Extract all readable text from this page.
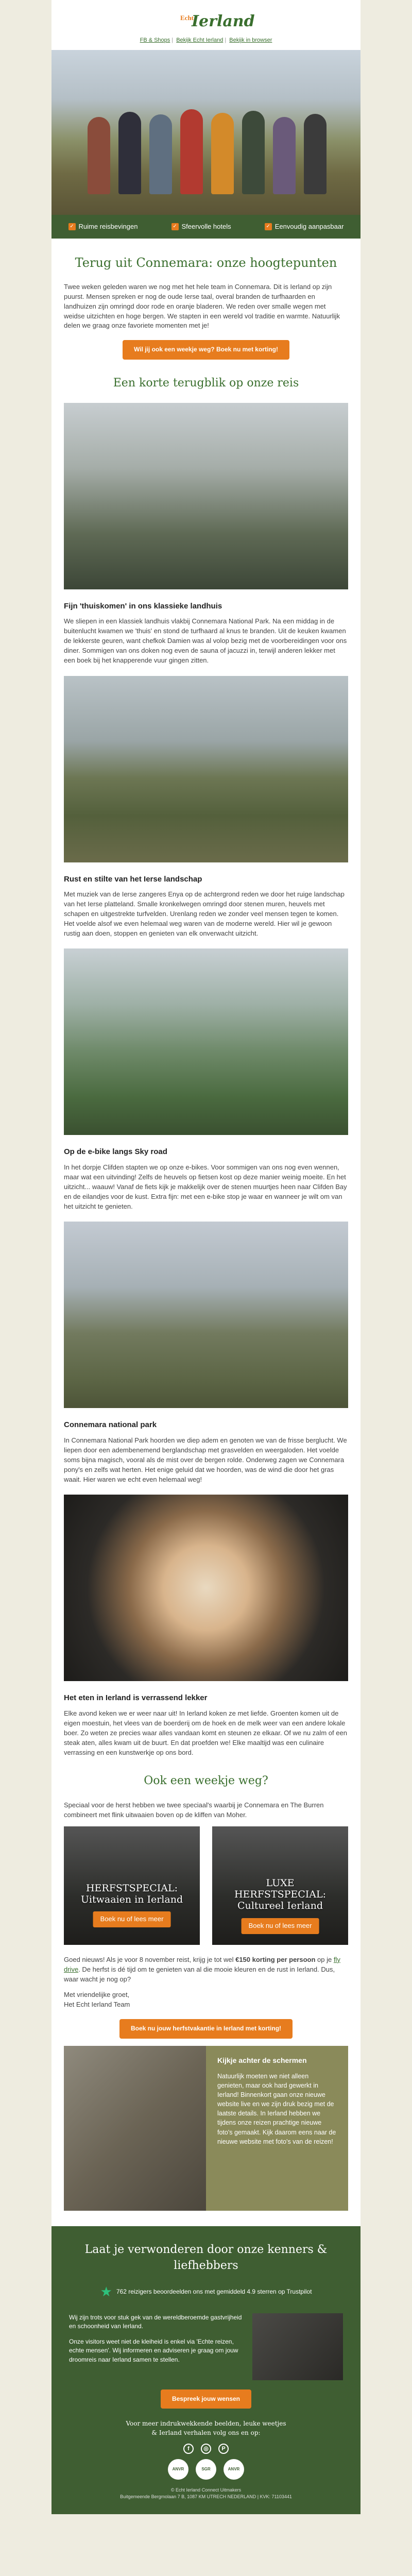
Echt
Ierland
FB & Shops | Bekijk Echt Ierland | Bekijk in browser
✓ Ruime reisbevingen	✓ Sfeervolle hotels	✓ Eenvoudig aanpasbaar
Terug uit Connemara: onze hoogtepunten

Twee weken geleden waren we nog met het hele team in Connemara. Dit is Ierland op zijn puurst. Mensen spreken er nog de oude Ierse taal, overal branden de turfhaarden en landhuizen zijn omringd door rode en oranje bladeren. We reden over smalle wegen met weidse uitzichten en hoge bergen. We stapten in een wereld vol traditie en warmte. Natuurlijk delen we graag onze favoriete momenten met je!

Wil jij ook een weekje weg? Boek nu met korting!
Een korte terugblik op onze reis
Fijn 'thuiskomen' in ons klassieke landhuis

We sliepen in een klassiek landhuis vlakbij Connemara National Park. Na een middag in de buitenlucht kwamen we 'thuis' en stond de turfhaard al knus te branden. Uit de keuken kwamen de lekkerste geuren, want chefkok Damien was al volop bezig met de voorbereidingen voor ons diner. Sommigen van ons doken nog even de sauna of jacuzzi in, terwijl anderen lekker met een boek bij het knapperende vuur gingen zitten.

Rust en stilte van het Ierse landschap

Met muziek van de Ierse zangeres Enya op de achtergrond reden we door het ruige landschap van het Ierse platteland. Smalle kronkelwegen omringd door stenen muren, heuvels met schapen en uitgestrekte turfvelden. Urenlang reden we zonder veel mensen tegen te komen. Het voelde alsof we even helemaal weg waren van de moderne wereld. Hier wil je gewoon rustig aan doen, stoppen en genieten van elk onverwacht uitzicht.

Op de e-bike langs Sky road

In het dorpje Clifden stapten we op onze e-bikes. Voor sommigen van ons nog even wennen, maar wat een uitvinding! Zelfs de heuvels op fietsen kost op deze manier weinig moeite. En het uitzicht... waauw! Vanaf de fiets kijk je makkelijk over de stenen muurtjes heen naar Clifden Bay en de eilandjes voor de kust. Extra fijn: met een e-bike stop je waar en wanneer je wilt om van het uitzicht te genieten.

Connemara national park

In Connemara National Park hoorden we diep adem en genoten we van de frisse berglucht. We liepen door een adembenemend berglandschap met grasvelden en weergaloden. Het voelde soms bijna magisch, vooral als de mist over de bergen rolde. Onderweg zagen we Connemara pony's en zelfs wat herten. Het enige geluid dat we hoorden, was de wind die door het gras waait. Hier waren we echt even helemaal weg!

Het eten in Ierland is verrassend lekker

Elke avond keken we er weer naar uit! In Ierland koken ze met liefde. Groenten komen uit de eigen moestuin, het vlees van de boerderij om de hoek en de melk weer van een andere lokale boer. Zo weten ze precies waar alles vandaan komt en steunen ze elkaar. Of we nu zalm of een steak aten, alles kwam uit de buurt. En dat proefden we! Elke maaltijd was een culinaire verrassing en een kunstwerkje op ons bord.

Ook een weekje weg?

Speciaal voor de herst hebben we twee speciaal's waarbij je Connemara en The Burren combineert met flink uitwaaien boven op de kliffen van Moher.

HERFSTSPECIAL:
Uitwaaien in Ierland
Boek nu of lees meer
LUXE
HERFSTSPECIAL:
Cultureel Ierland
Boek nu of lees meer

Goed nieuws! Als je voor 8 november reist, krijg je tot wel €150 korting per persoon op je fly drive. De herfst is dé tijd om te genieten van al die mooie kleuren en de rust in Ierland. Dus, waar wacht je nog op?

Met vriendelijke groet,
Het Echt Ierland Team

Boek nu jouw herfstvakantie in Ierland met korting!
Kijkje achter de schermen

Natuurlijk moeten we niet alleen genieten, maar ook hard gewerkt in Ierland! Binnenkort gaan onze nieuwe website live en we zijn druk bezig met de laatste details. In Ierland hebben we tijdens onze reizen prachtige nieuwe foto's gemaakt. Kijk daarom eens naar de nieuwe website met foto's van de reizen!

Laat je verwonderen door onze kenners & liefhebbers
★ 762 reizigers beoordeelden ons met gemiddeld 4.9 sterren op Trustpilot

Wij zijn trots voor stuk gek van de wereldberoemde gastvrijheid en schoonheid van Ierland.

Onze visitors weet niet de kleiheid is enkel via 'Echte reizen, echte mensen'. Wij informeren en adviseren je graag om jouw droomreis naar Ierland samen te stellen.

Bespreek jouw wensen
Voor meer indrukwekkende beelden, leuke weetjes
& Ierland verhalen volg ons en op:
f	◎	P
ANVR	SGR	ANVR
© Echt Ierland Connect Uitmakers
Buitgemeende Bergmolaan 7 B, 1087 KM UTRECH NEDERLAND | KVK: 71103441
